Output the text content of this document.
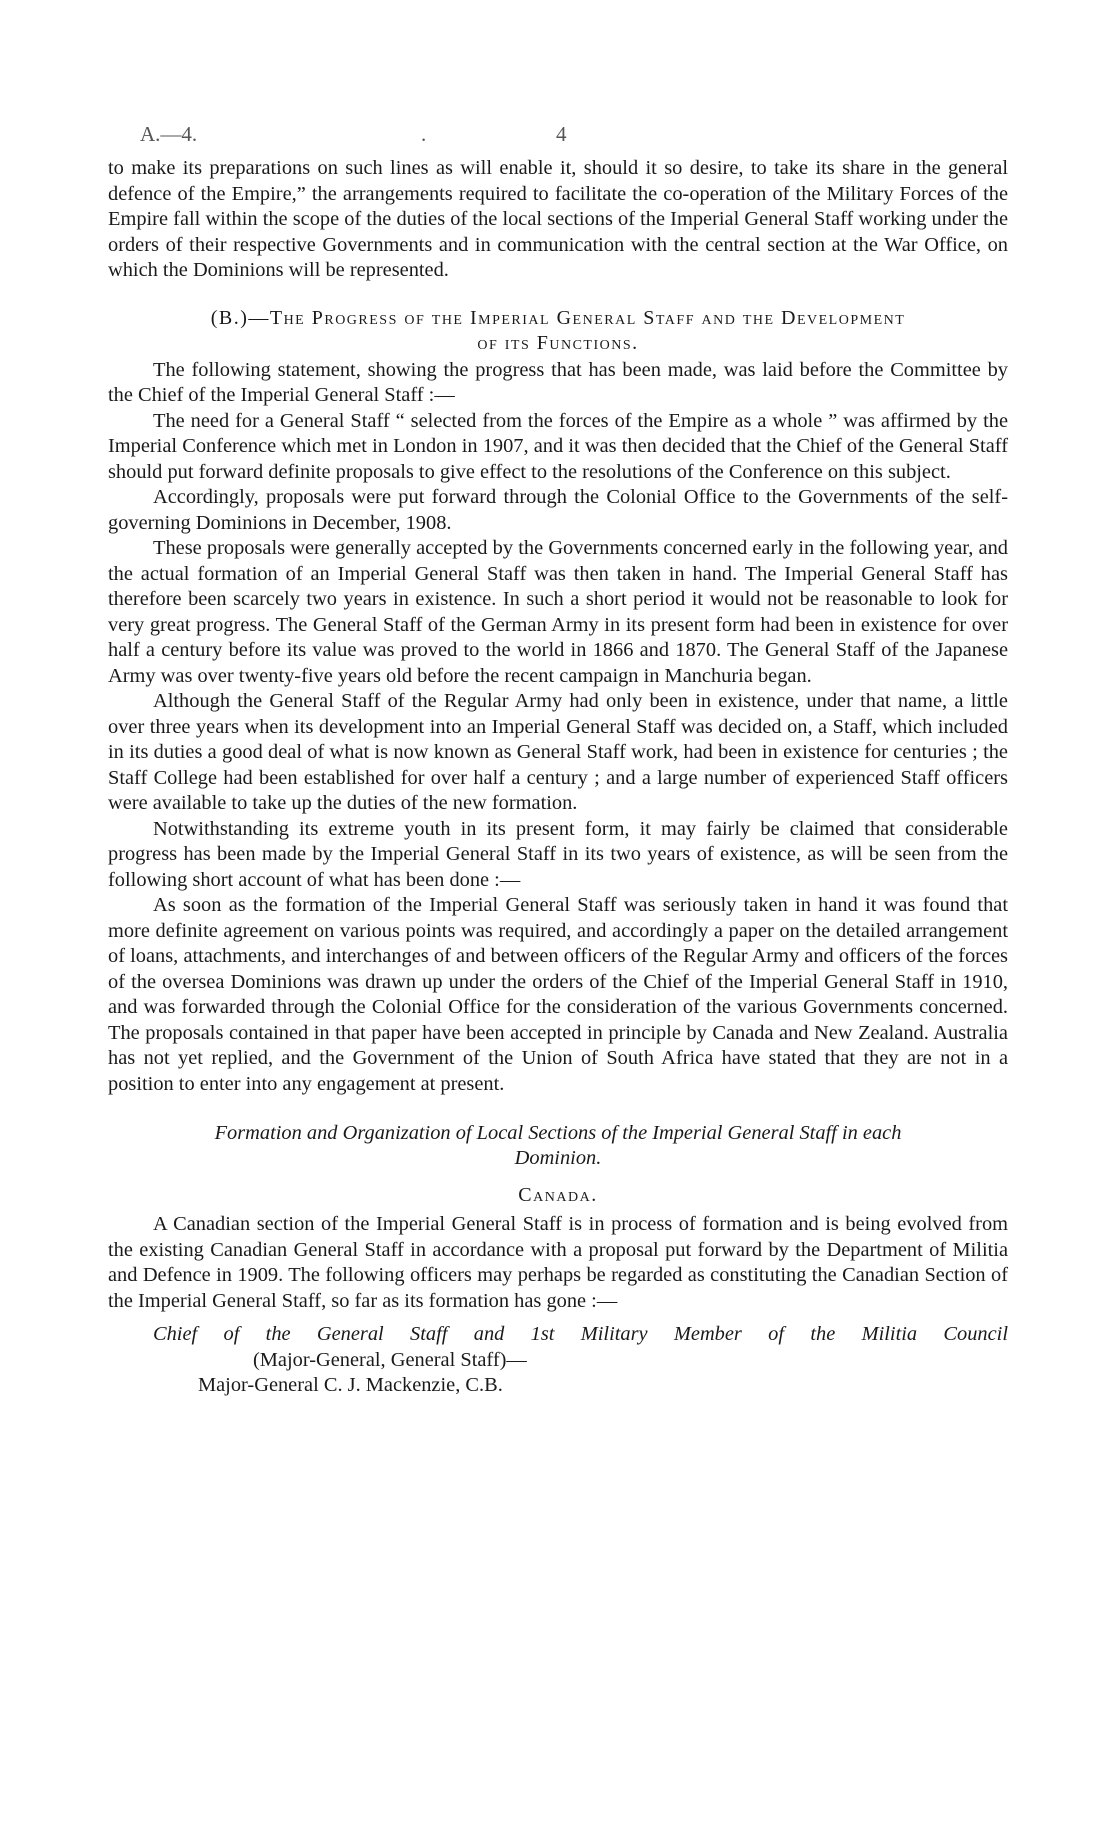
A.—4.	.	4

to make its preparations on such lines as will enable it, should it so desire, to take its share in the general defence of the Empire,” the arrangements required to facilitate the co-operation of the Military Forces of the Empire fall within the scope of the duties of the local sections of the Imperial General Staff working under the orders of their respective Governments and in communication with the central section at the War Office, on which the Dominions will be represented.

(B.)—The Progress of the Imperial General Staff and the Development
of its Functions.

The following statement, showing the progress that has been made, was laid before the Committee by the Chief of the Imperial General Staff :—

The need for a General Staff “ selected from the forces of the Empire as a whole ” was affirmed by the Imperial Conference which met in London in 1907, and it was then decided that the Chief of the General Staff should put forward definite proposals to give effect to the resolutions of the Conference on this subject.

Accordingly, proposals were put forward through the Colonial Office to the Governments of the self-governing Dominions in December, 1908.

These proposals were generally accepted by the Governments concerned early in the following year, and the actual formation of an Imperial General Staff was then taken in hand. The Imperial General Staff has therefore been scarcely two years in existence. In such a short period it would not be reasonable to look for very great progress. The General Staff of the German Army in its present form had been in existence for over half a century before its value was proved to the world in 1866 and 1870. The General Staff of the Japanese Army was over twenty-five years old before the recent campaign in Manchuria began.

Although the General Staff of the Regular Army had only been in existence, under that name, a little over three years when its development into an Imperial General Staff was decided on, a Staff, which included in its duties a good deal of what is now known as General Staff work, had been in existence for centuries ; the Staff College had been established for over half a century ; and a large number of experienced Staff officers were available to take up the duties of the new formation.

Notwithstanding its extreme youth in its present form, it may fairly be claimed that considerable progress has been made by the Imperial General Staff in its two years of existence, as will be seen from the following short account of what has been done :—

As soon as the formation of the Imperial General Staff was seriously taken in hand it was found that more definite agreement on various points was required, and accordingly a paper on the detailed arrangement of loans, attachments, and interchanges of and between officers of the Regular Army and officers of the forces of the oversea Dominions was drawn up under the orders of the Chief of the Imperial General Staff in 1910, and was forwarded through the Colonial Office for the consideration of the various Governments concerned. The proposals contained in that paper have been accepted in principle by Canada and New Zealand. Australia has not yet replied, and the Government of the Union of South Africa have stated that they are not in a position to enter into any engagement at present.

Formation and Organization of Local Sections of the Imperial General Staff in each
Dominion.
Canada.

A Canadian section of the Imperial General Staff is in process of formation and is being evolved from the existing Canadian General Staff in accordance with a proposal put forward by the Department of Militia and Defence in 1909. The following officers may perhaps be regarded as constituting the Canadian Section of the Imperial General Staff, so far as its formation has gone :—

Chief of the General Staff and 1st Military Member of the Militia Council
(Major-General, General Staff)—
Major-General C. J. Mackenzie, C.B.
